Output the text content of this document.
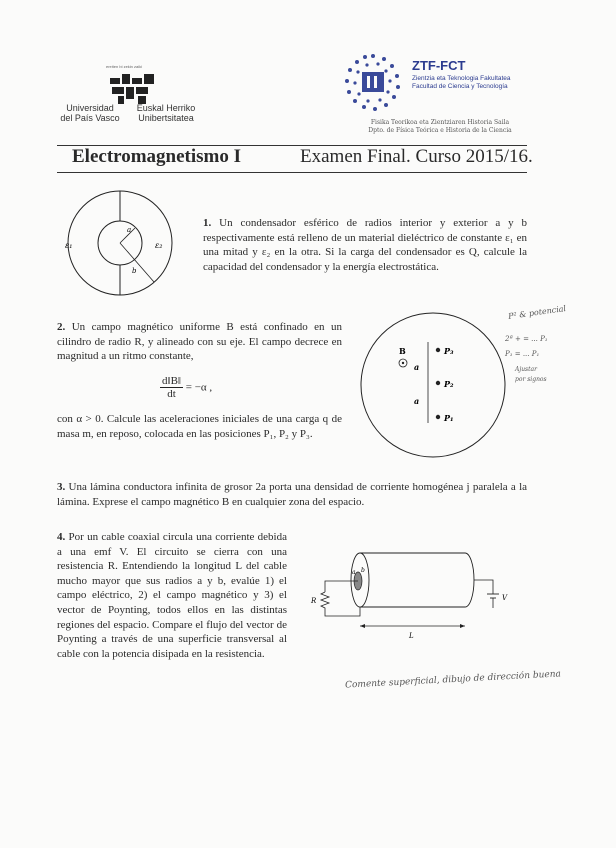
ereiten bi zekin zaiki
Universidad
del País Vasco
Euskal Herriko
Unibertsitatea
ZTF-FCT
Zientzia eta Teknologia Fakultatea
Facultad de Ciencia y Tecnología
Fisika Teorikoa eta Zientziaren Historia Saila
Dpto. de Física Teórica e Historia de la Ciencia
Electromagnetismo I	Examen Final. Curso 2015/16.
ε₁	ε₂
a
b
1. Un condensador esférico de radios interior y exterior a y b respectivamente está relleno de un material dieléctrico de constante ε₁ en una mitad y ε₂ en la otra. Si la carga del condensador es Q, calcule la capacidad del condensador y la energía electrostática.
2. Un campo magnético uniforme B está confinado en un cilindro de radio R, y alineado con su eje. El campo decrece en magnitud a un ritmo constante,
$\frac{d‖B‖}{dt} = -\alpha$ ,
con α > 0. Calcule las aceleraciones iniciales de una carga q de masa m, en reposo, colocada en las posiciones P₁, P₂ y P₃.
B	P₃
P₂
P₁
a
a
P² & potencial
2ª + = ... P₁
P₁ = ... P₁
Ajustar
por signos
3. Una lámina conductora infinita de grosor 2a porta una densidad de corriente homogénea j paralela a la lámina. Exprese el campo magnético B en cualquier zona del espacio.
4. Por un cable coaxial circula una corriente debida a una emf V. El circuito se cierra con una resistencia R. Entendiendo la longitud L del cable mucho mayor que sus radios a y b, evalúe 1) el campo eléctrico, 2) el campo magnético y 3) el vector de Poynting, todos ellos en las distintas regiones del espacio. Compare el flujo del vector de Poynting a través de una superficie transversal al cable con la potencia disipada en la resistencia.
a b
R	V
L
Comente superficial, dibujo de dirección buena
